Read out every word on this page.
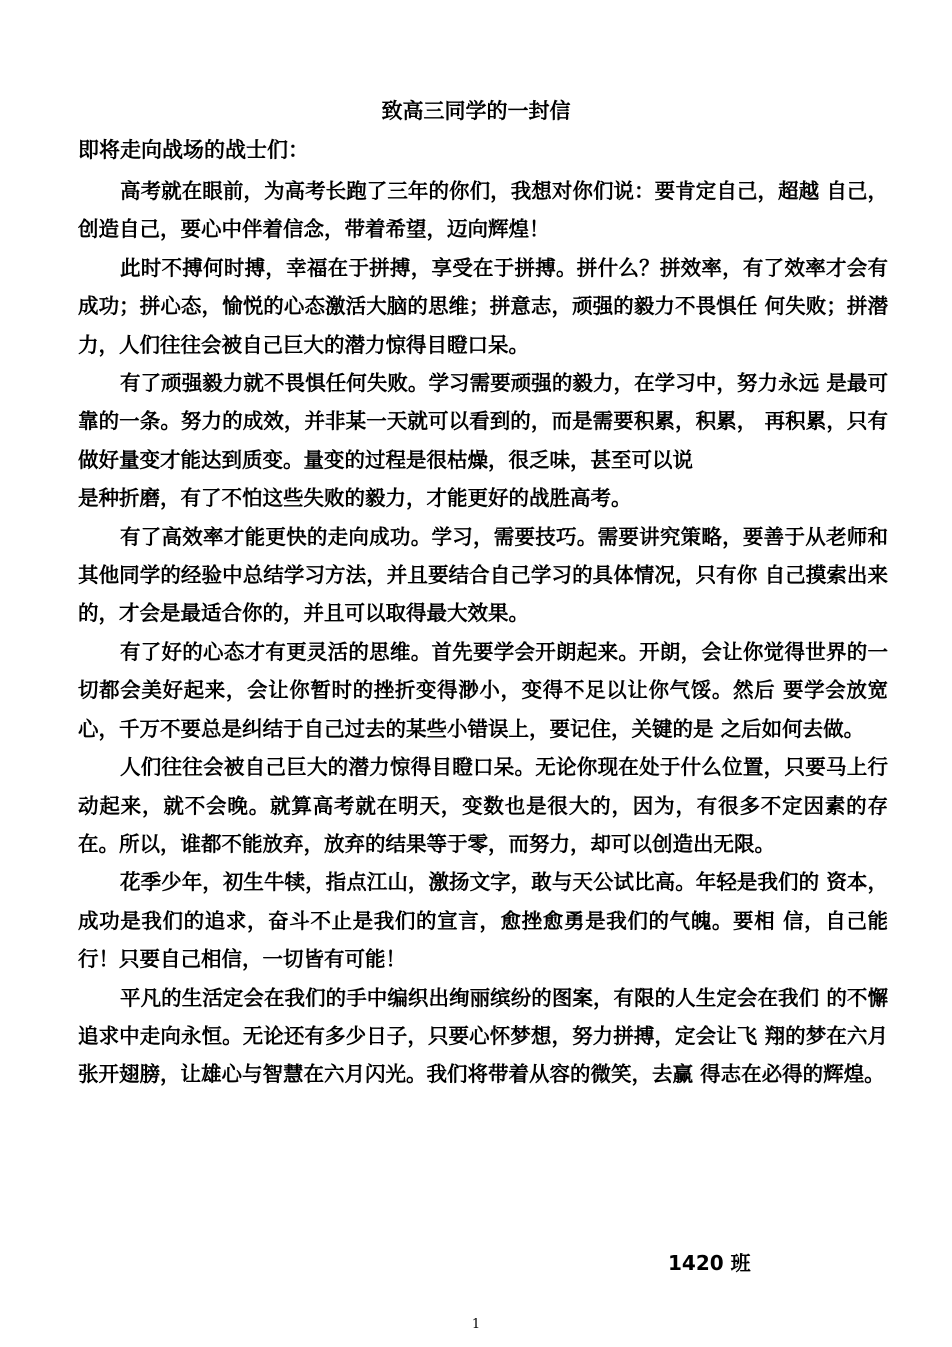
致高三同学的一封信
即将走向战场的战士们：

高考就在眼前，为高考长跑了三年的你们，我想对你们说：要肯定自己，超越 自己，创造自己，要心中伴着信念，带着希望，迈向辉煌！

此时不搏何时搏，幸福在于拼搏，享受在于拼搏。拼什么？拼效率，有了效率才会有成功；拼心态，愉悦的心态激活大脑的思维；拼意志，顽强的毅力不畏惧任 何失败；拼潜力，人们往往会被自己巨大的潜力惊得目瞪口呆。

有了顽强毅力就不畏惧任何失败。学习需要顽强的毅力，在学习中，努力永远 是最可靠的一条。努力的成效，并非某一天就可以看到的，而是需要积累，积累， 再积累，只有做好量变才能达到质变。量变的过程是很枯燥，很乏味，甚至可以说

是种折磨，有了不怕这些失败的毅力，才能更好的战胜高考。

有了高效率才能更快的走向成功。学习，需要技巧。需要讲究策略，要善于从老师和其他同学的经验中总结学习方法，并且要结合自己学习的具体情况，只有你 自己摸索出来的，才会是最适合你的，并且可以取得最大效果。

有了好的心态才有更灵活的思维。首先要学会开朗起来。开朗，会让你觉得世界的一切都会美好起来，会让你暂时的挫折变得渺小，变得不足以让你气馁。然后 要学会放宽心，千万不要总是纠结于自己过去的某些小错误上，要记住，关键的是 之后如何去做。

人们往往会被自己巨大的潜力惊得目瞪口呆。无论你现在处于什么位置，只要马上行动起来，就不会晚。就算高考就在明天，变数也是很大的，因为，有很多不定因素的存在。所以，谁都不能放弃，放弃的结果等于零，而努力，却可以创造出无限。

花季少年，初生牛犊，指点江山，激扬文字，敢与天公试比高。年轻是我们的 资本，成功是我们的追求，奋斗不止是我们的宣言，愈挫愈勇是我们的气魄。要相 信，自己能行！只要自己相信，一切皆有可能！

平凡的生活定会在我们的手中编织出绚丽缤纷的图案，有限的人生定会在我们 的不懈追求中走向永恒。无论还有多少日子，只要心怀梦想，努力拼搏，定会让飞 翔的梦在六月张开翅膀，让雄心与智慧在六月闪光。我们将带着从容的微笑，去赢 得志在必得的辉煌。

1420 班
1
